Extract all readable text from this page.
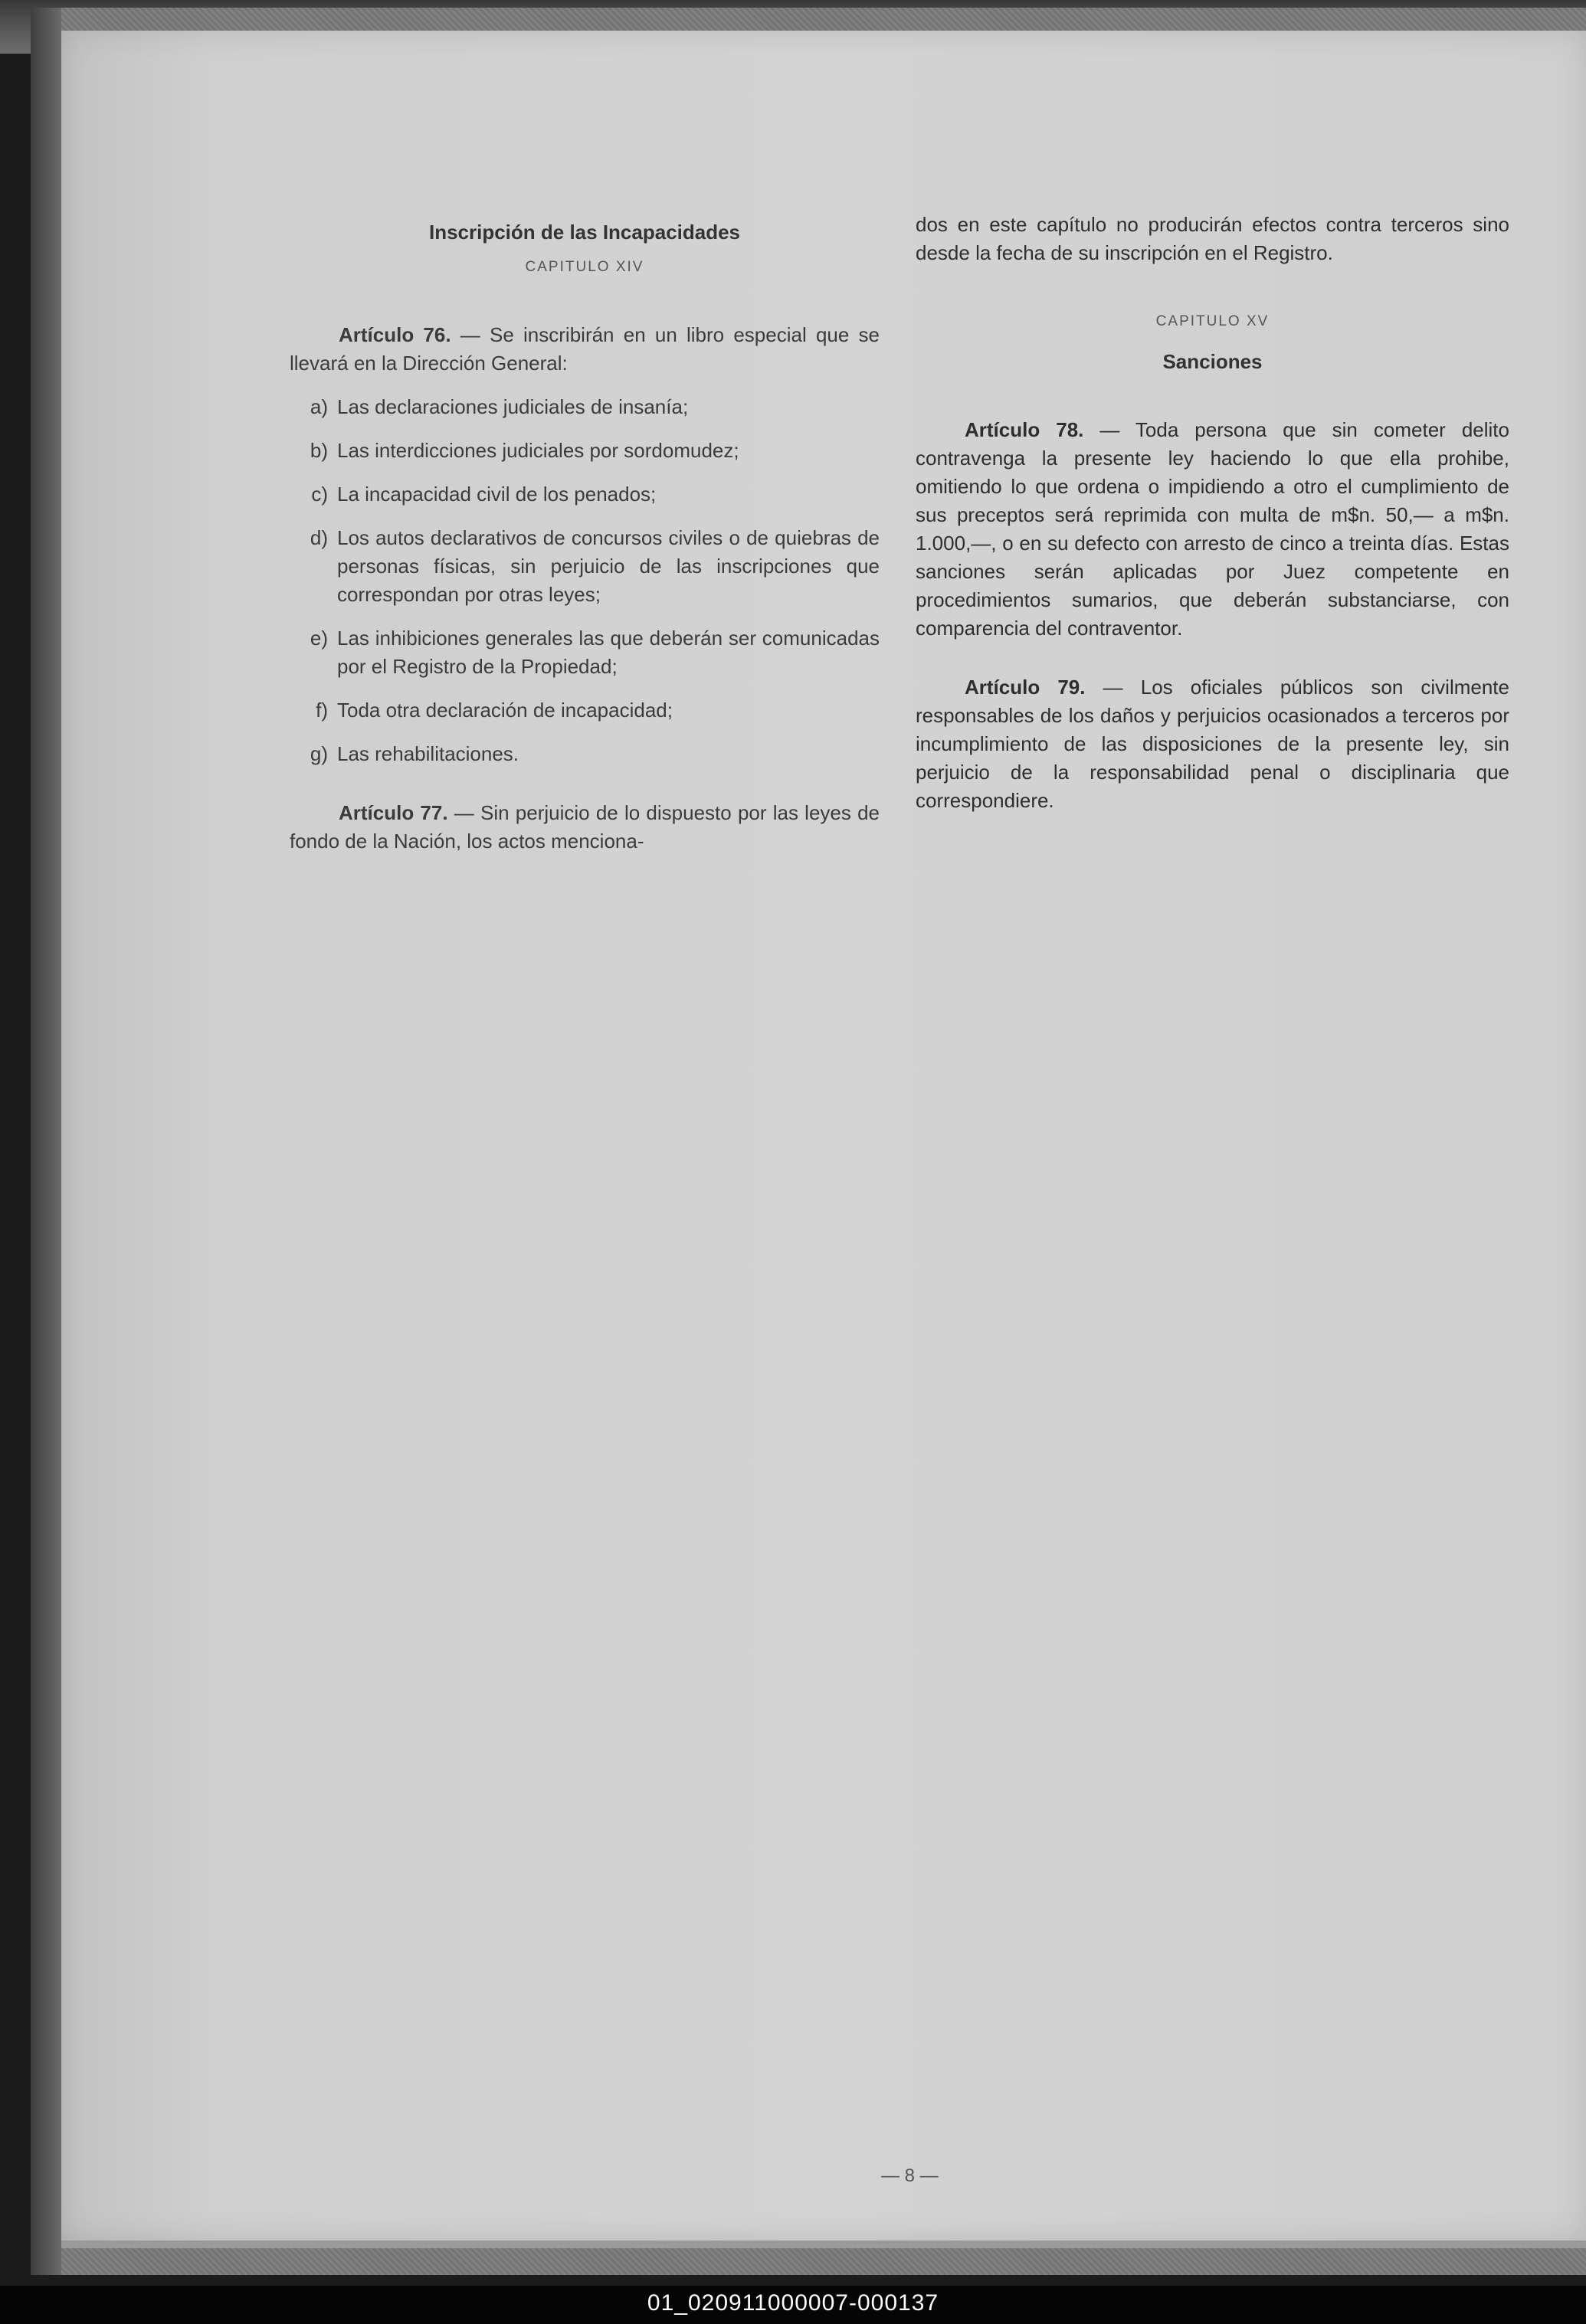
Inscripción de las Incapacidades
CAPITULO XIV

Artículo 76. — Se inscribirán en un libro especial que se llevará en la Dirección General:

a) Las declaraciones judiciales de insanía;
b) Las interdicciones judiciales por sordomudez;
c) La incapacidad civil de los penados;
d) Los autos declarativos de concursos civiles o de quiebras de personas físicas, sin perjuicio de las inscripciones que correspondan por otras leyes;
e) Las inhibiciones generales las que deberán ser comunicadas por el Registro de la Propiedad;
f) Toda otra declaración de incapacidad;
g) Las rehabilitaciones.

Artículo 77. — Sin perjuicio de lo dispuesto por las leyes de fondo de la Nación, los actos menciona-

dos en este capítulo no producirán efectos contra terceros sino desde la fecha de su inscripción en el Registro.

CAPITULO XV
Sanciones

Artículo 78. — Toda persona que sin cometer delito contravenga la presente ley haciendo lo que ella prohibe, omitiendo lo que ordena o impidiendo a otro el cumplimiento de sus preceptos será reprimida con multa de m$n. 50,— a m$n. 1.000,—, o en su defecto con arresto de cinco a treinta días. Estas sanciones serán aplicadas por Juez competente en procedimientos sumarios, que deberán substanciarse, con comparencia del contraventor.

Artículo 79. — Los oficiales públicos son civilmente responsables de los daños y perjuicios ocasionados a terceros por incumplimiento de las disposiciones de la presente ley, sin perjuicio de la responsabilidad penal o disciplinaria que correspondiere.

— 8 —
01_020911000007-000137
